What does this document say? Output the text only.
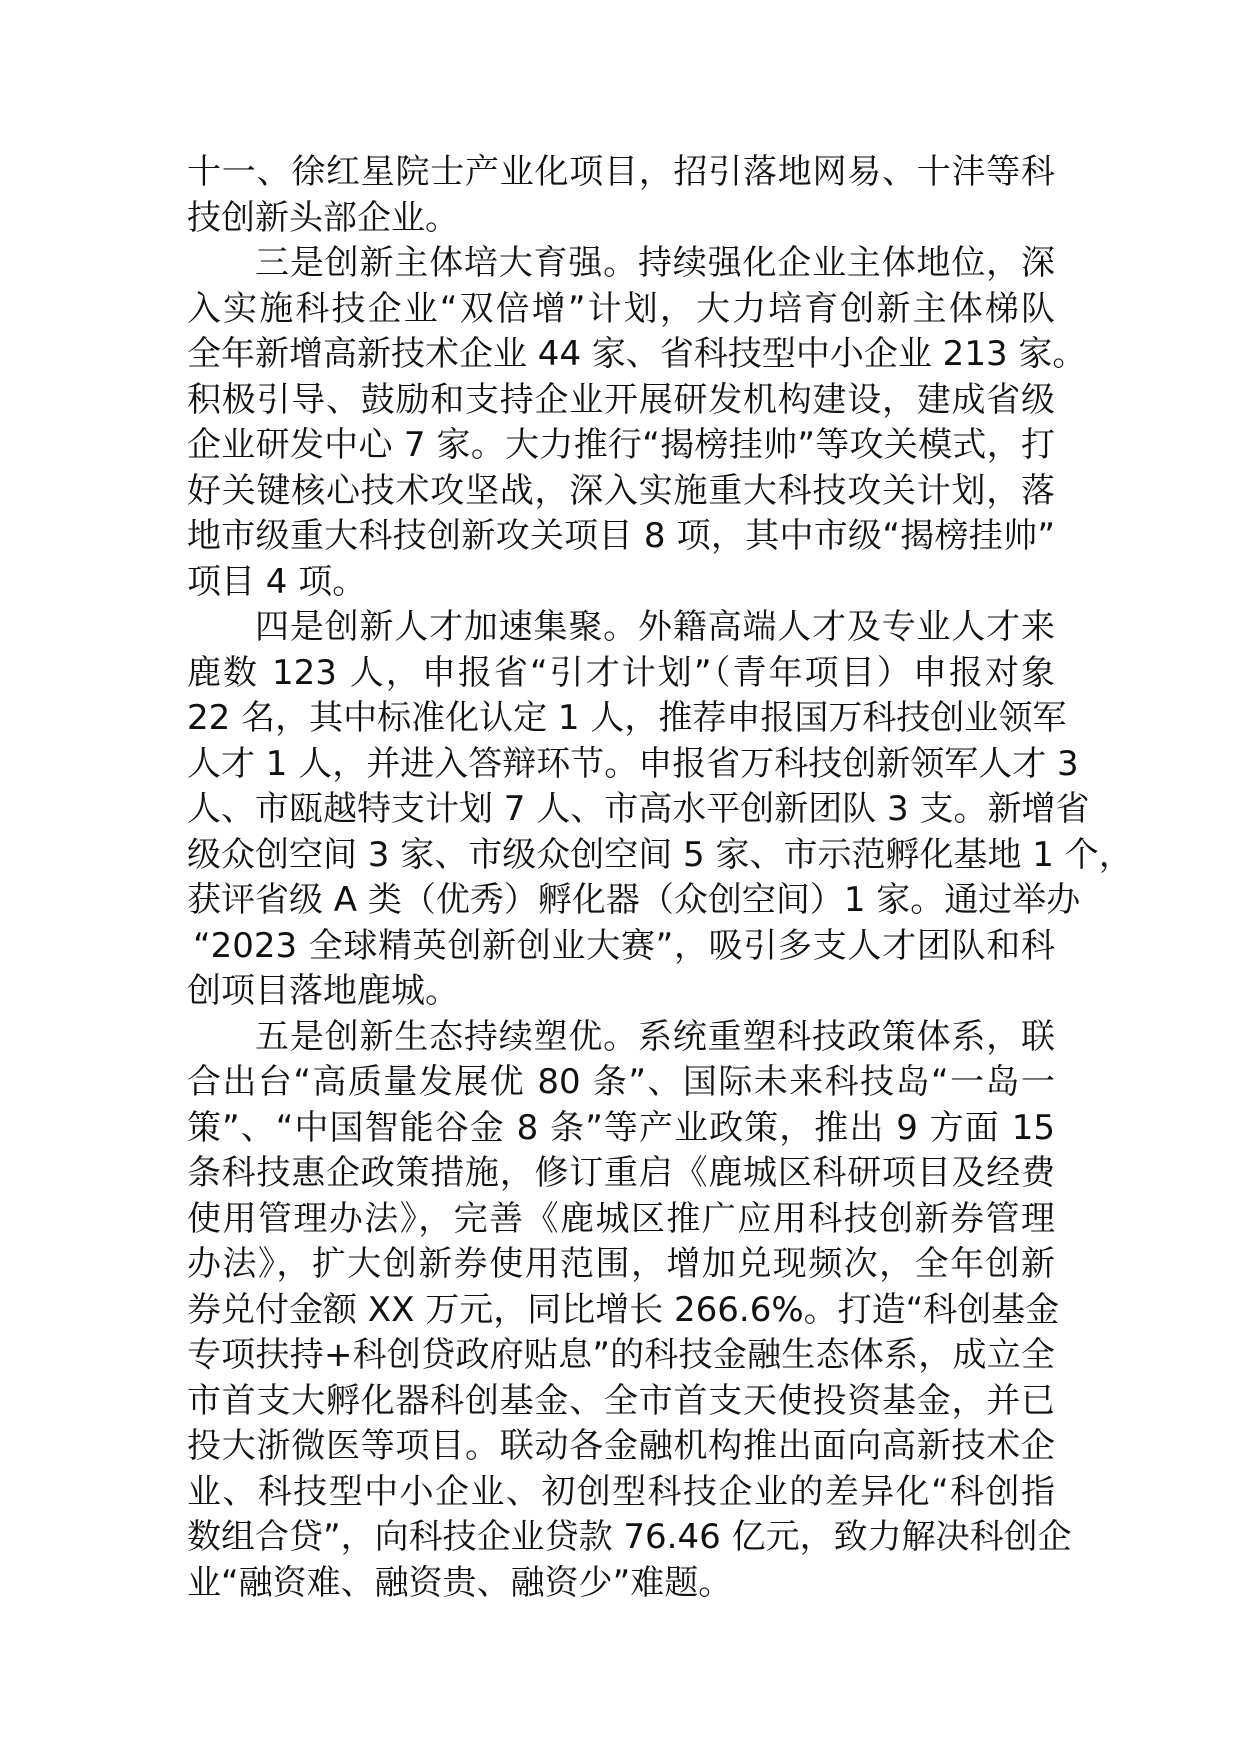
十一、徐红星院士产业化项目，招引落地网易、十沣等科
技创新头部企业。
三是创新主体培大育强。持续强化企业主体地位，深
入实施科技企业“双倍增”计划，大力培育创新主体梯队
全年新增高新技术企业 44 家、省科技型中小企业 213 家。
积极引导、鼓励和支持企业开展研发机构建设，建成省级
企业研发中心 7 家。大力推行“揭榜挂帅”等攻关模式，打
好关键核心技术攻坚战，深入实施重大科技攻关计划，落
地市级重大科技创新攻关项目 8 项，其中市级“揭榜挂帅”
项目 4 项。
四是创新人才加速集聚。外籍高端人才及专业人才来
鹿数 123 人，申报省“引才计划”（青年项目）申报对象
22 名，其中标准化认定 1 人，推荐申报国万科技创业领军
人才 1 人，并进入答辩环节。申报省万科技创新领军人才 3
人、市瓯越特支计划 7 人、市高水平创新团队 3 支。新增省
级众创空间 3 家、市级众创空间 5 家、市示范孵化基地 1 个，
获评省级 A 类（优秀）孵化器（众创空间）1 家。通过举办
“2023 全球精英创新创业大赛”，吸引多支人才团队和科
创项目落地鹿城。
五是创新生态持续塑优。系统重塑科技政策体系，联
合出台“高质量发展优 80 条”、国际未来科技岛“一岛一
策”、“中国智能谷金 8 条”等产业政策，推出 9 方面 15
条科技惠企政策措施，修订重启《鹿城区科研项目及经费
使用管理办法》，完善《鹿城区推广应用科技创新券管理
办法》，扩大创新券使用范围，增加兑现频次，全年创新
券兑付金额 XX 万元，同比增长 266.6%。打造“科创基金
专项扶持+科创贷政府贴息”的科技金融生态体系，成立全
市首支大孵化器科创基金、全市首支天使投资基金，并已
投大浙微医等项目。联动各金融机构推出面向高新技术企
业、科技型中小企业、初创型科技企业的差异化“科创指
数组合贷”，向科技企业贷款 76.46 亿元，致力解决科创企
业“融资难、融资贵、融资少”难题。
